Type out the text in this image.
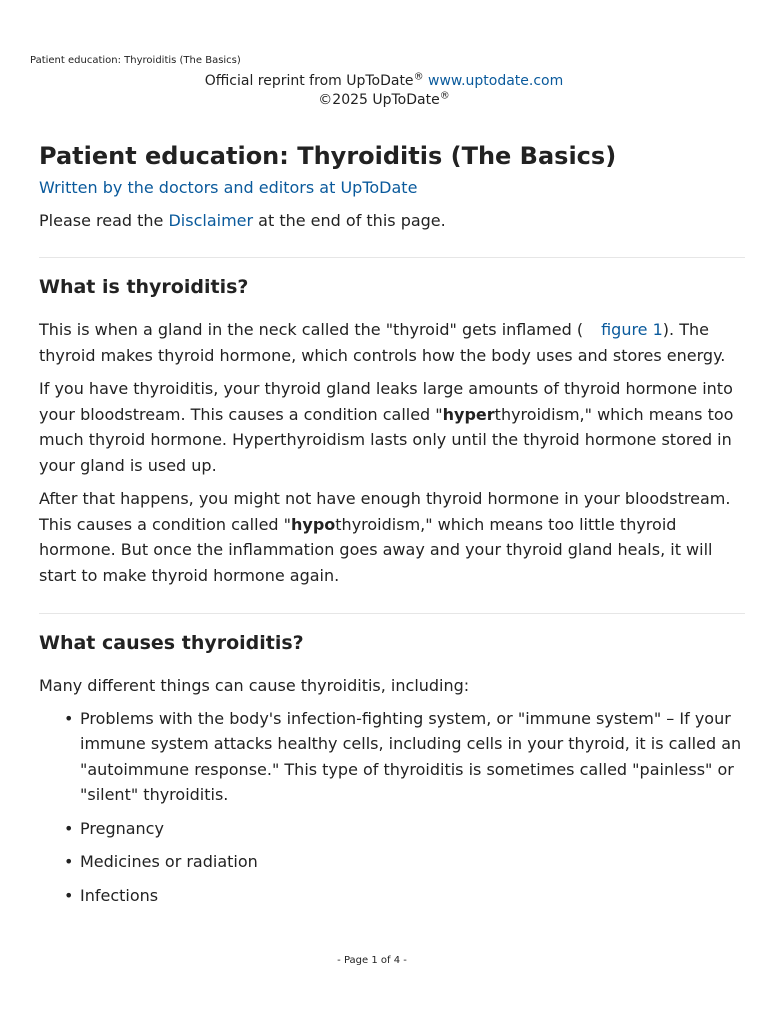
Patient education: Thyroiditis (The Basics)
Official reprint from UpToDate® www.uptodate.com
©2025 UpToDate®
Patient education: Thyroiditis (The Basics)
Written by the doctors and editors at UpToDate

Please read the Disclaimer at the end of this page.

What is thyroiditis?

This is when a gland in the neck called the "thyroid" gets inflamed ( figure 1). The thyroid makes thyroid hormone, which controls how the body uses and stores energy.

If you have thyroiditis, your thyroid gland leaks large amounts of thyroid hormone into your bloodstream. This causes a condition called "hyperthyroidism," which means too much thyroid hormone. Hyperthyroidism lasts only until the thyroid hormone stored in your gland is used up.

After that happens, you might not have enough thyroid hormone in your bloodstream. This causes a condition called "hypothyroidism," which means too little thyroid hormone. But once the inflammation goes away and your thyroid gland heals, it will start to make thyroid hormone again.

What causes thyroiditis?

Many different things can cause thyroiditis, including:

• Problems with the body's infection-fighting system, or "immune system" – If your immune system attacks healthy cells, including cells in your thyroid, it is called an "autoimmune response." This type of thyroiditis is sometimes called "painless" or "silent" thyroiditis.
• Pregnancy
• Medicines or radiation
• Infections
- Page 1 of 4 -
